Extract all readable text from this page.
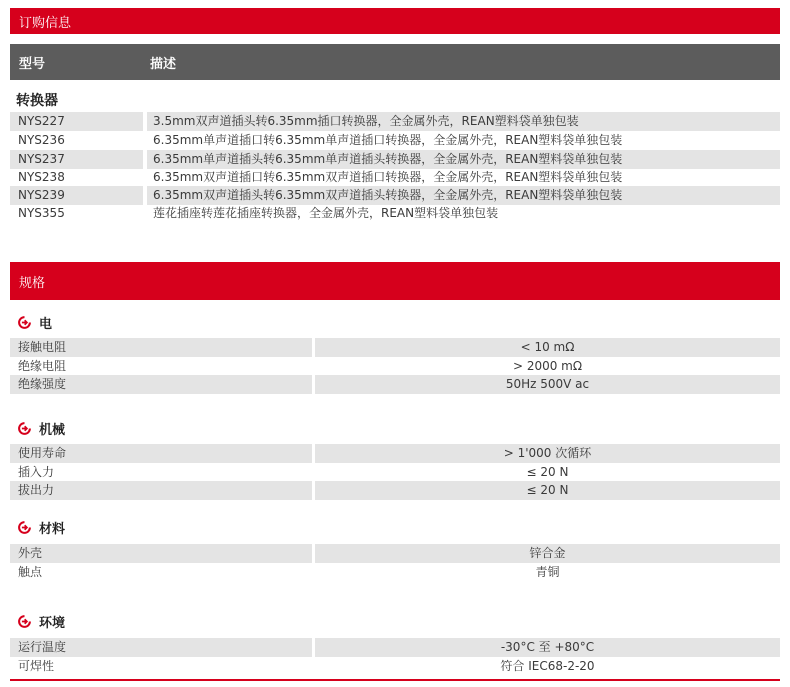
订购信息
型号	描述
转换器
NYS227	3.5mm双声道插头转6.35mm插口转换器，全金属外壳，REAN塑料袋单独包装
NYS236	6.35mm单声道插口转6.35mm单声道插口转换器，全金属外壳，REAN塑料袋单独包装
NYS237	6.35mm单声道插头转6.35mm单声道插头转换器，全金属外壳，REAN塑料袋单独包装
NYS238	6.35mm双声道插口转6.35mm双声道插口转换器，全金属外壳，REAN塑料袋单独包装
NYS239	6.35mm双声道插头转6.35mm双声道插头转换器，全金属外壳，REAN塑料袋单独包装
NYS355	莲花插座转莲花插座转换器，全金属外壳，REAN塑料袋单独包装
规格
电
接触电阻	< 10 mΩ
绝缘电阻	> 2000 mΩ
绝缘强度	50Hz 500V ac
机械
使用寿命	> 1'000 次循环
插入力	≤ 20 N
拔出力	≤ 20 N
材料
外壳	锌合金
触点	青铜
环境
运行温度	-30°C 至 +80°C
可焊性	符合 IEC68-2-20
